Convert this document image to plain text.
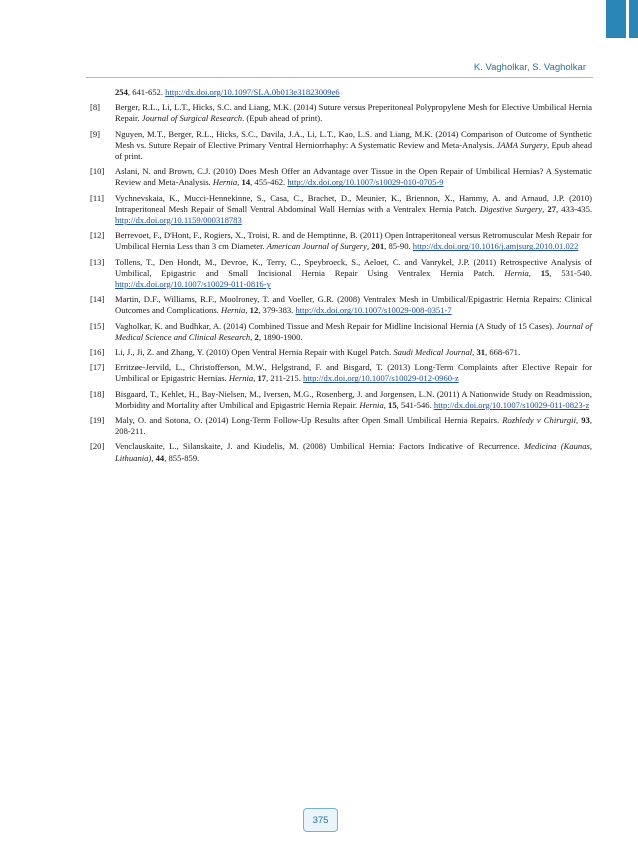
K. Vagholkar, S. Vagholkar
254, 641-652. http://dx.doi.org/10.1097/SLA.0b013e31823009e6
[8]	Berger, R.L., Li, L.T., Hicks, S.C. and Liang, M.K. (2014) Suture versus Preperitoneal Polypropylene Mesh for Elective Umbilical Hernia Repair. Journal of Surgical Research. (Epub ahead of print).
[9]	Nguyen, M.T., Berger, R.L., Hicks, S.C., Davila, J.A., Li, L.T., Kao, L.S. and Liang, M.K. (2014) Comparison of Outcome of Synthetic Mesh vs. Suture Repair of Elective Primary Ventral Herniorrhaphy: A Systematic Review and Meta-Analysis. JAMA Surgery, Epub ahead of print.
[10]	Aslani, N. and Brown, C.J. (2010) Does Mesh Offer an Advantage over Tissue in the Open Repair of Umbilical Hernias? A Systematic Review and Meta-Analysis. Hernia, 14, 455-462. http://dx.doi.org/10.1007/s10029-010-0705-9
[11]	Vychnevskaia, K., Mucci-Hennekinne, S., Casa, C., Brachet, D., Meunier, K., Briennon, X., Hammy, A. and Arnaud, J.P. (2010) Intraperitoneal Mesh Repair of Small Ventral Abdominal Wall Hernias with a Ventralex Hernia Patch. Digestive Surgery, 27, 433-435. http://dx.doi.org/10.1159/000318783
[12]	Berrevoet, F., D'Hont, F., Rogiers, X., Troisi, R. and de Hemptinne, B. (2011) Open Intraperitoneal versus Retromuscular Mesh Repair for Umbilical Hernia Less than 3 cm Diameter. American Journal of Surgery, 201, 85-90. http://dx.doi.org/10.1016/j.amjsurg.2010.01.022
[13]	Tollens, T., Den Hondt, M., Devroe, K., Terry, C., Speybroeck, S., Aeloet, C. and Vanrykel, J.P. (2011) Retrospective Analysis of Umbilical, Epigastric and Small Incisional Hernia Repair Using Ventralex Hernia Patch. Hernia, 15, 531-540. http://dx.doi.org/10.1007/s10029-011-0816-y
[14]	Martin, D.F., Williams, R.F., Moolroney, T. and Voeller, G.R. (2008) Ventralex Mesh in Umbilical/Epigastric Hernia Repairs: Clinical Outcomes and Complications. Hernia, 12, 379-383. http://dx.doi.org/10.1007/s10029-008-0351-7
[15]	Vagholkar, K. and Budhkar, A. (2014) Combined Tissue and Mesh Repair for Midline Incisional Hernia (A Study of 15 Cases). Journal of Medical Science and Clinical Research, 2, 1890-1900.
[16]	Li, J., Ji, Z. and Zhang, Y. (2010) Open Ventral Hernia Repair with Kugel Patch. Saudi Medical Journal, 31, 668-671.
[17]	Erritzøe-Jervild, L., Christofferson, M.W., Helgstrand, F. and Bisgard, T. (2013) Long-Term Complaints after Elective Repair for Umbilical or Epigastric Hernias. Hernia, 17, 211-215. http://dx.doi.org/10.1007/s10029-012-0960-z
[18]	Bisgaard, T., Kehlet, H., Bay-Nielsen, M., Iversen, M.G., Rosenberg, J. and Jorgensen, L.N. (2011) A Nationwide Study on Readmission, Morbidity and Mortality after Umbilical and Epigastric Hernia Repair. Hernia, 15, 541-546. http://dx.doi.org/10.1007/s10029-011-0823-z
[19]	Maly, O. and Sotona, O. (2014) Long-Term Follow-Up Results after Open Small Umbilical Hernia Repairs. Rozhledy v Chirurgii, 93, 208-211.
[20]	Venclauskaite, L., Silanskaite, J. and Kiudelis, M. (2008) Umbilical Hernia: Factors Indicative of Recurrence. Medicina (Kaunas, Lithuania), 44, 855-859.
375
